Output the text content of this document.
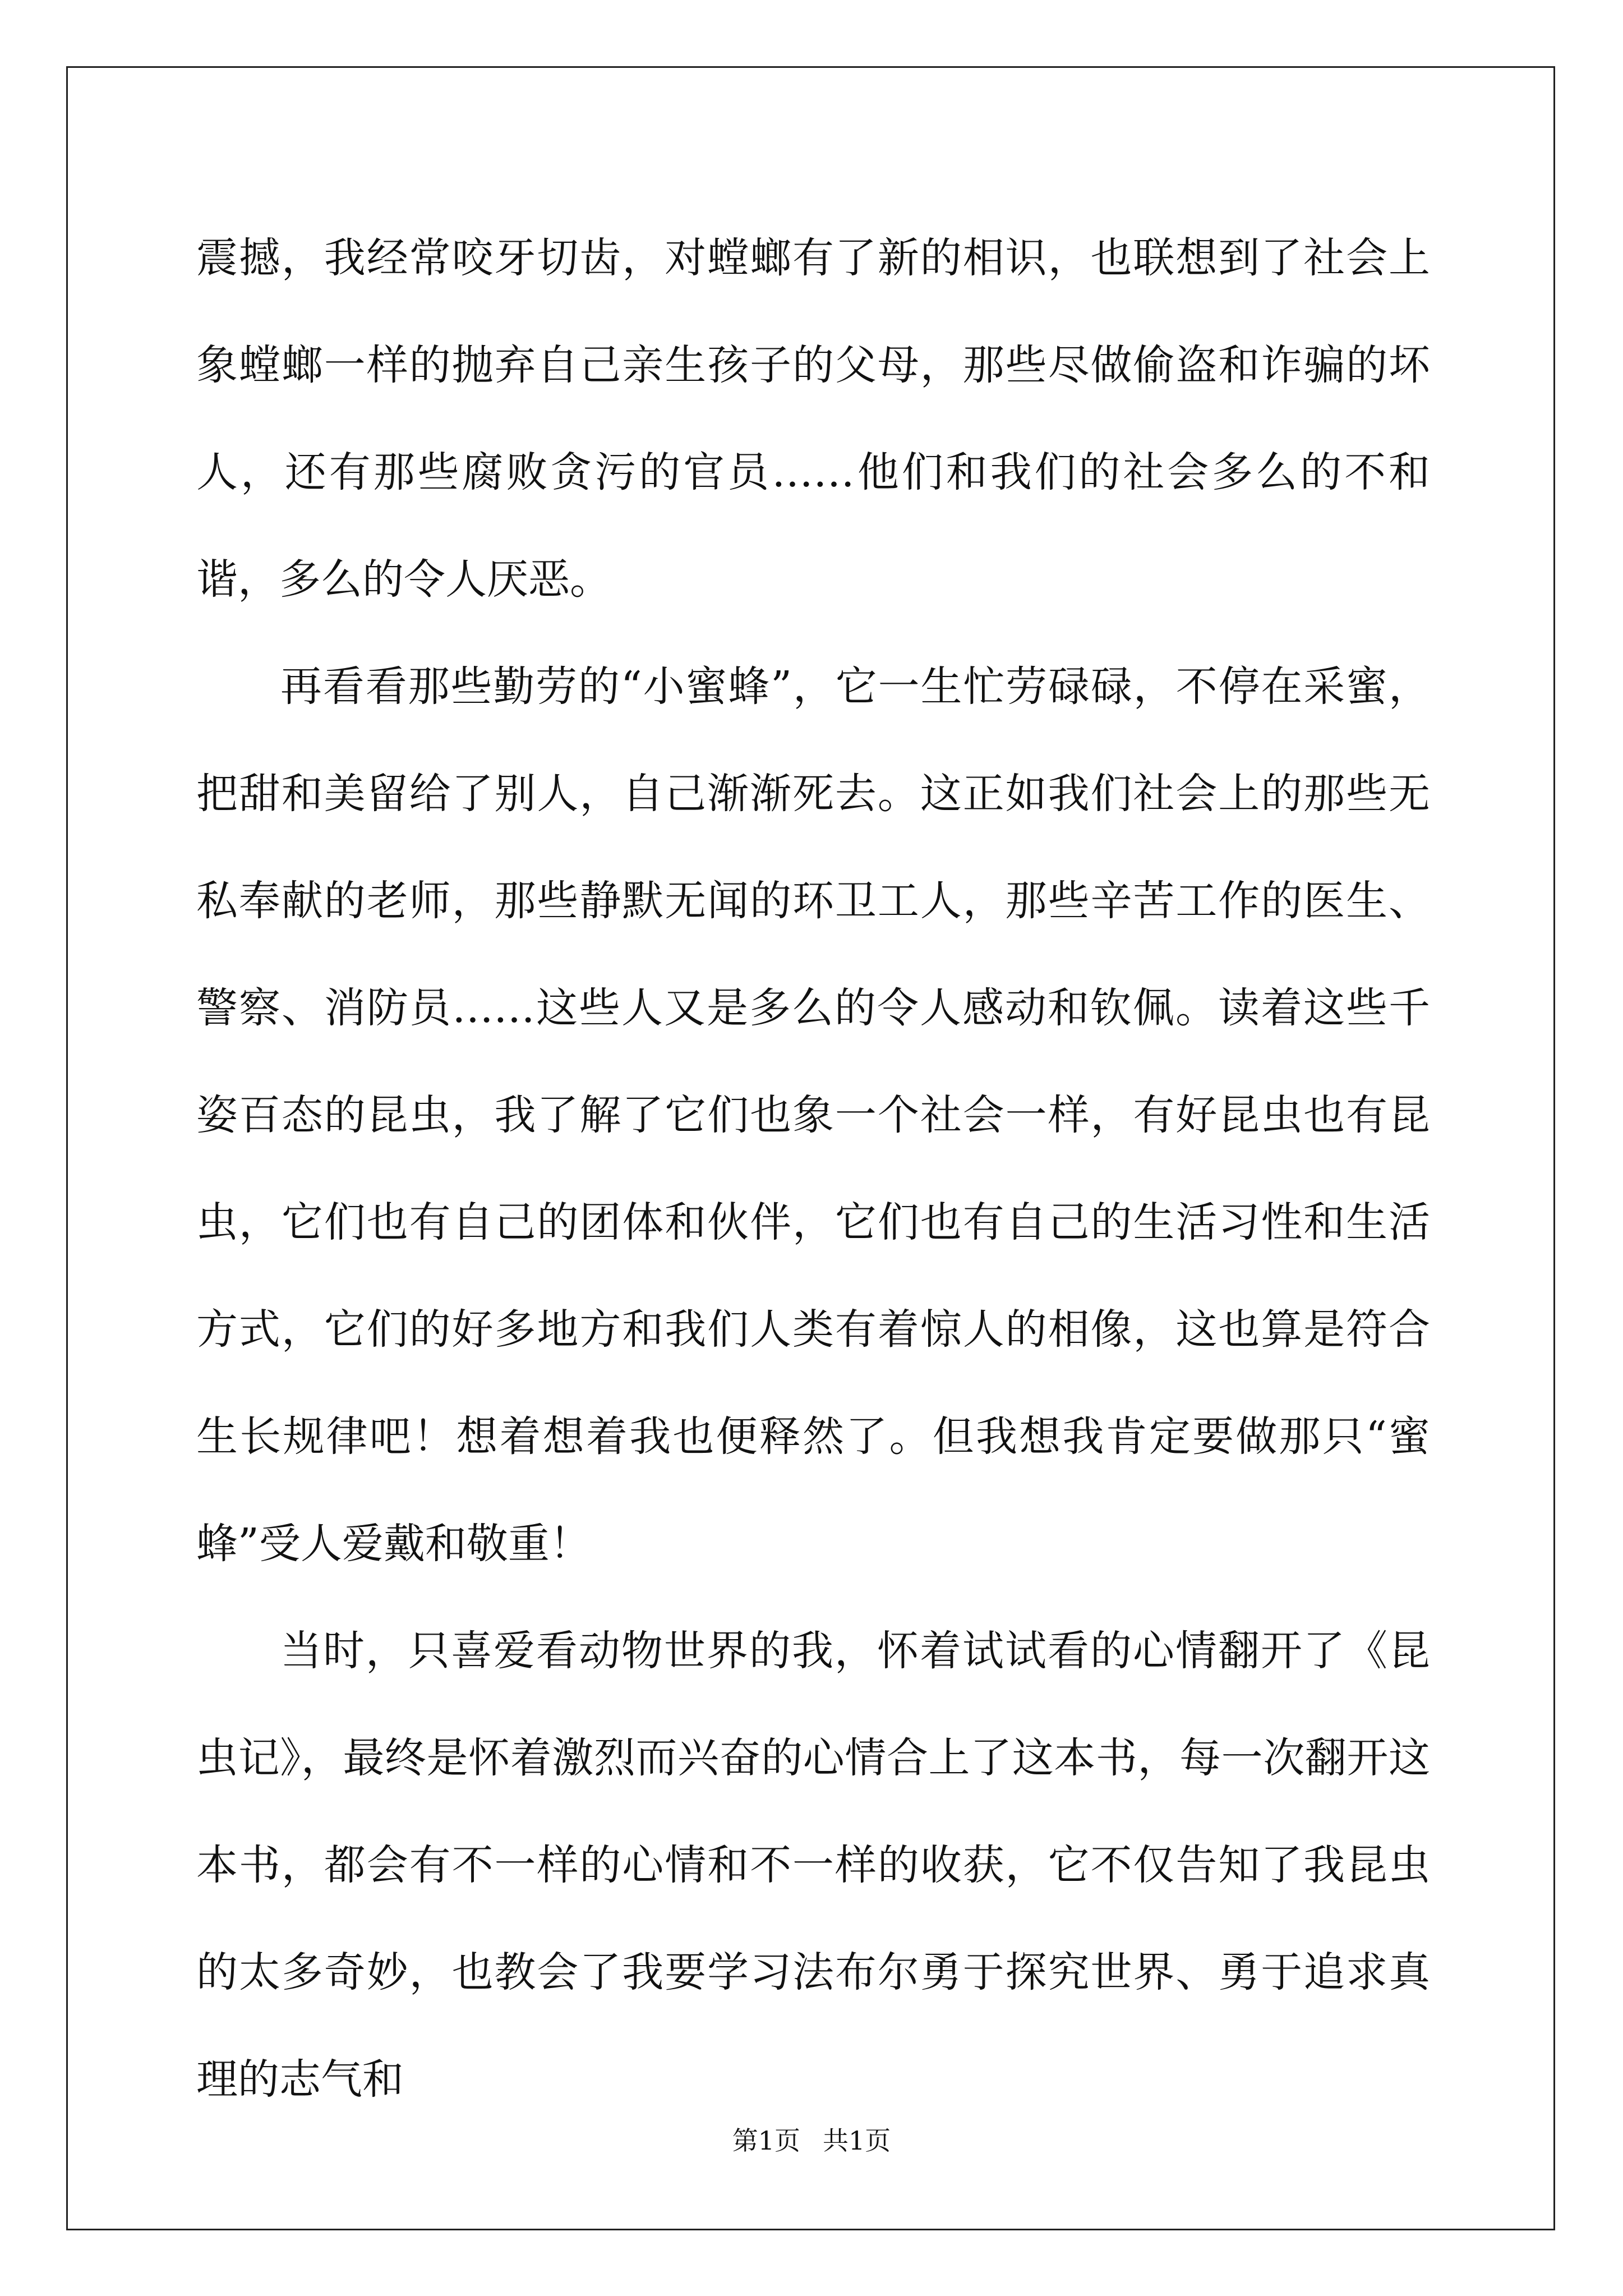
震撼，我经常咬牙切齿，对螳螂有了新的相识，也联想到了社会上象螳螂一样的抛弃自己亲生孩子的父母，那些尽做偷盗和诈骗的坏人，还有那些腐败贪污的官员……他们和我们的社会多么的不和谐，多么的令人厌恶。

再看看那些勤劳的“小蜜蜂”，它一生忙劳碌碌，不停在采蜜，把甜和美留给了别人，自己渐渐死去。这正如我们社会上的那些无私奉献的老师，那些静默无闻的环卫工人，那些辛苦工作的医生、警察、消防员……这些人又是多么的令人感动和钦佩。读着这些千姿百态的昆虫，我了解了它们也象一个社会一样，有好昆虫也有昆虫，它们也有自己的团体和伙伴，它们也有自己的生活习性和生活方式，它们的好多地方和我们人类有着惊人的相像，这也算是符合生长规律吧！想着想着我也便释然了。但我想我肯定要做那只“蜜蜂”受人爱戴和敬重！

当时，只喜爱看动物世界的我，怀着试试看的心情翻开了《昆虫记》，最终是怀着激烈而兴奋的心情合上了这本书，每一次翻开这本书，都会有不一样的心情和不一样的收获，它不仅告知了我昆虫的太多奇妙，也教会了我要学习法布尔勇于探究世界、勇于追求真理的志气和

第1页 共1页
